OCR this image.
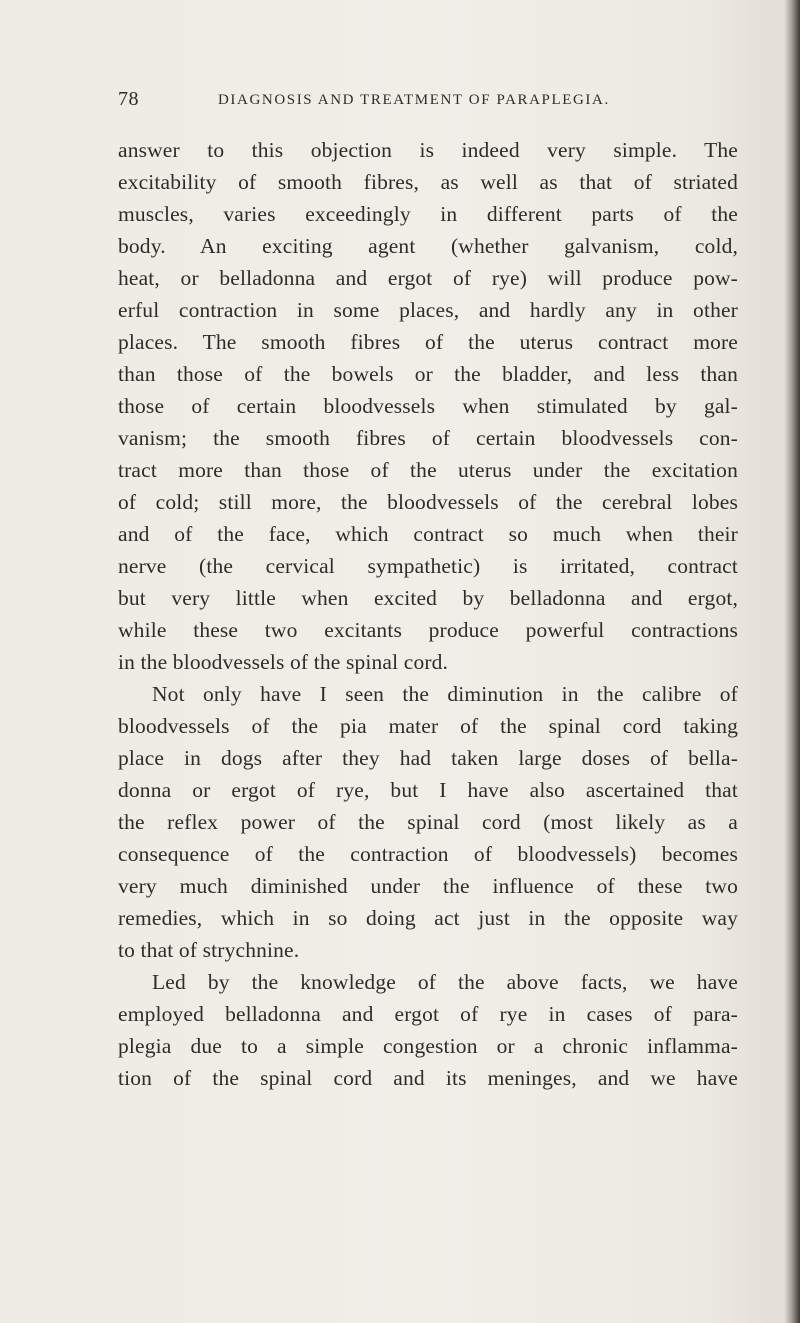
78	DIAGNOSIS AND TREATMENT OF PARAPLEGIA.
answer to this objection is indeed very simple. The
excitability of smooth fibres, as well as that of striated
muscles, varies exceedingly in different parts of the
body. An exciting agent (whether galvanism, cold,
heat, or belladonna and ergot of rye) will produce pow-
erful contraction in some places, and hardly any in other
places. The smooth fibres of the uterus contract more
than those of the bowels or the bladder, and less than
those of certain bloodvessels when stimulated by gal-
vanism; the smooth fibres of certain bloodvessels con-
tract more than those of the uterus under the excitation
of cold; still more, the bloodvessels of the cerebral lobes
and of the face, which contract so much when their
nerve (the cervical sympathetic) is irritated, contract
but very little when excited by belladonna and ergot,
while these two excitants produce powerful contractions
in the bloodvessels of the spinal cord.
Not only have I seen the diminution in the calibre of
bloodvessels of the pia mater of the spinal cord taking
place in dogs after they had taken large doses of bella-
donna or ergot of rye, but I have also ascertained that
the reflex power of the spinal cord (most likely as a
consequence of the contraction of bloodvessels) becomes
very much diminished under the influence of these two
remedies, which in so doing act just in the opposite way
to that of strychnine.
Led by the knowledge of the above facts, we have
employed belladonna and ergot of rye in cases of para-
plegia due to a simple congestion or a chronic inflamma-
tion of the spinal cord and its meninges, and we have
